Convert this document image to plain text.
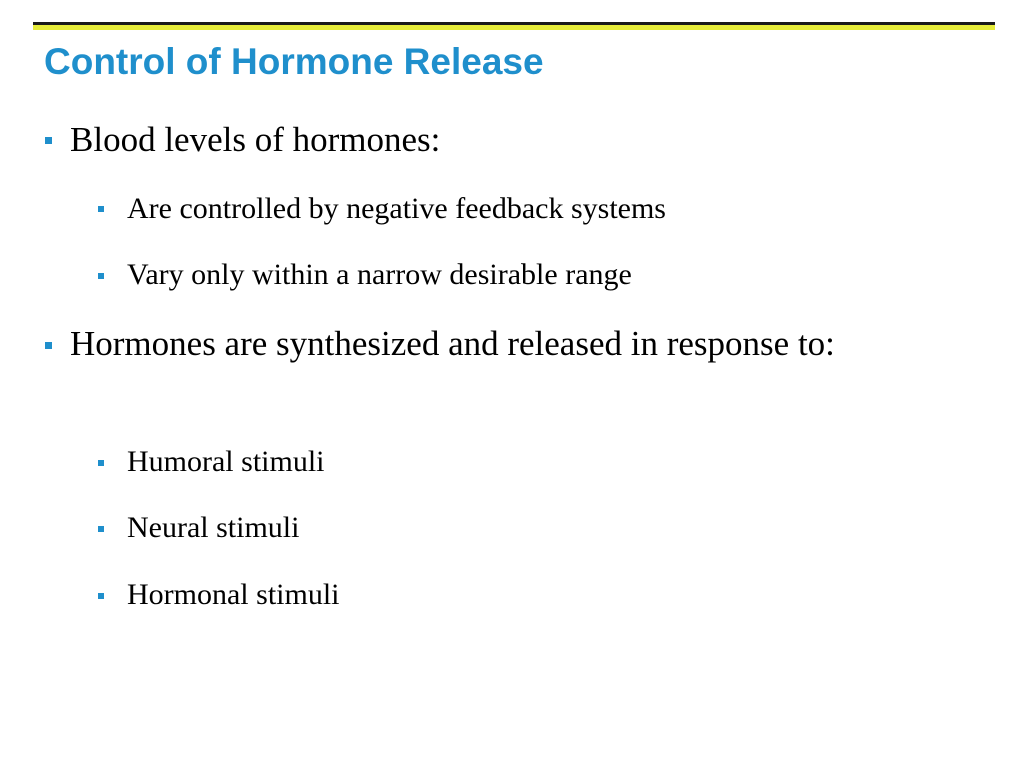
Control of Hormone Release
Blood levels of hormones:
Are controlled by negative feedback systems
Vary only within a narrow desirable range
Hormones are synthesized and released in response to:
Humoral stimuli
Neural stimuli
Hormonal stimuli
